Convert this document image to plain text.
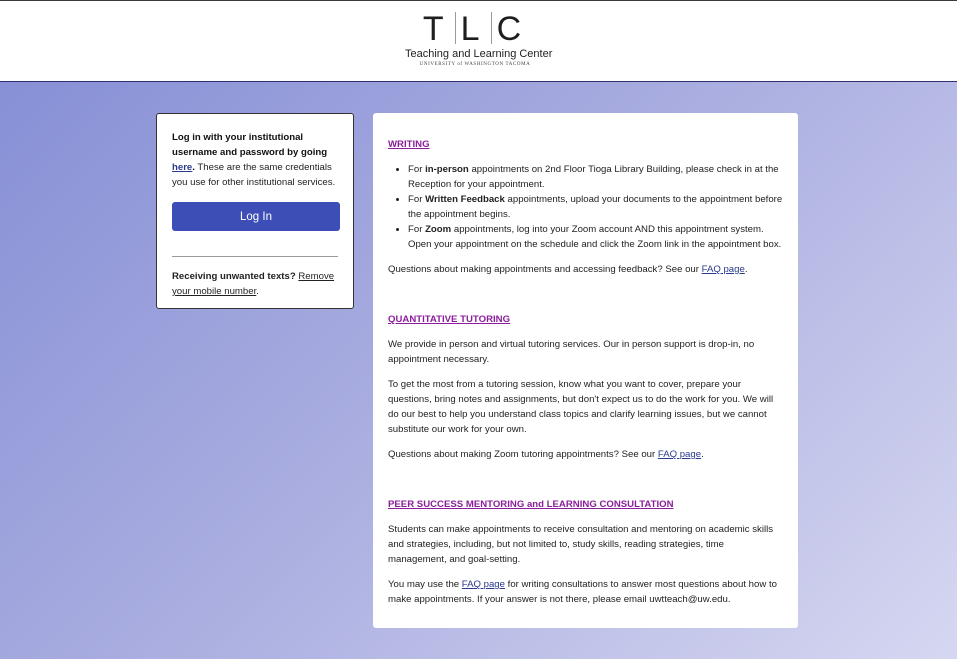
T L C
Teaching and Learning Center
UNIVERSITY of WASHINGTON TACOMA
Log in with your institutional username and password by going here. These are the same credentials you use for other institutional services.
Log In
Receiving unwanted texts? Remove your mobile number.

WRITING

• For in-person appointments on 2nd Floor Tioga Library Building, please check in at the Reception for your appointment.
• For Written Feedback appointments, upload your documents to the appointment before the appointment begins.
• For Zoom appointments, log into your Zoom account AND this appointment system. Open your appointment on the schedule and click the Zoom link in the appointment box.

Questions about making appointments and accessing feedback? See our FAQ page.

QUANTITATIVE TUTORING

We provide in person and virtual tutoring services. Our in person support is drop-in, no appointment necessary.

To get the most from a tutoring session, know what you want to cover, prepare your questions, bring notes and assignments, but don't expect us to do the work for you. We will do our best to help you understand class topics and clarify learning issues, but we cannot substitute our work for your own.

Questions about making Zoom tutoring appointments? See our FAQ page.

PEER SUCCESS MENTORING and LEARNING CONSULTATION

Students can make appointments to receive consultation and mentoring on academic skills and strategies, including, but not limited to, study skills, reading strategies, time management, and goal-setting.

You may use the FAQ page for writing consultations to answer most questions about how to make appointments. If your answer is not there, please email uwtteach@uw.edu.
